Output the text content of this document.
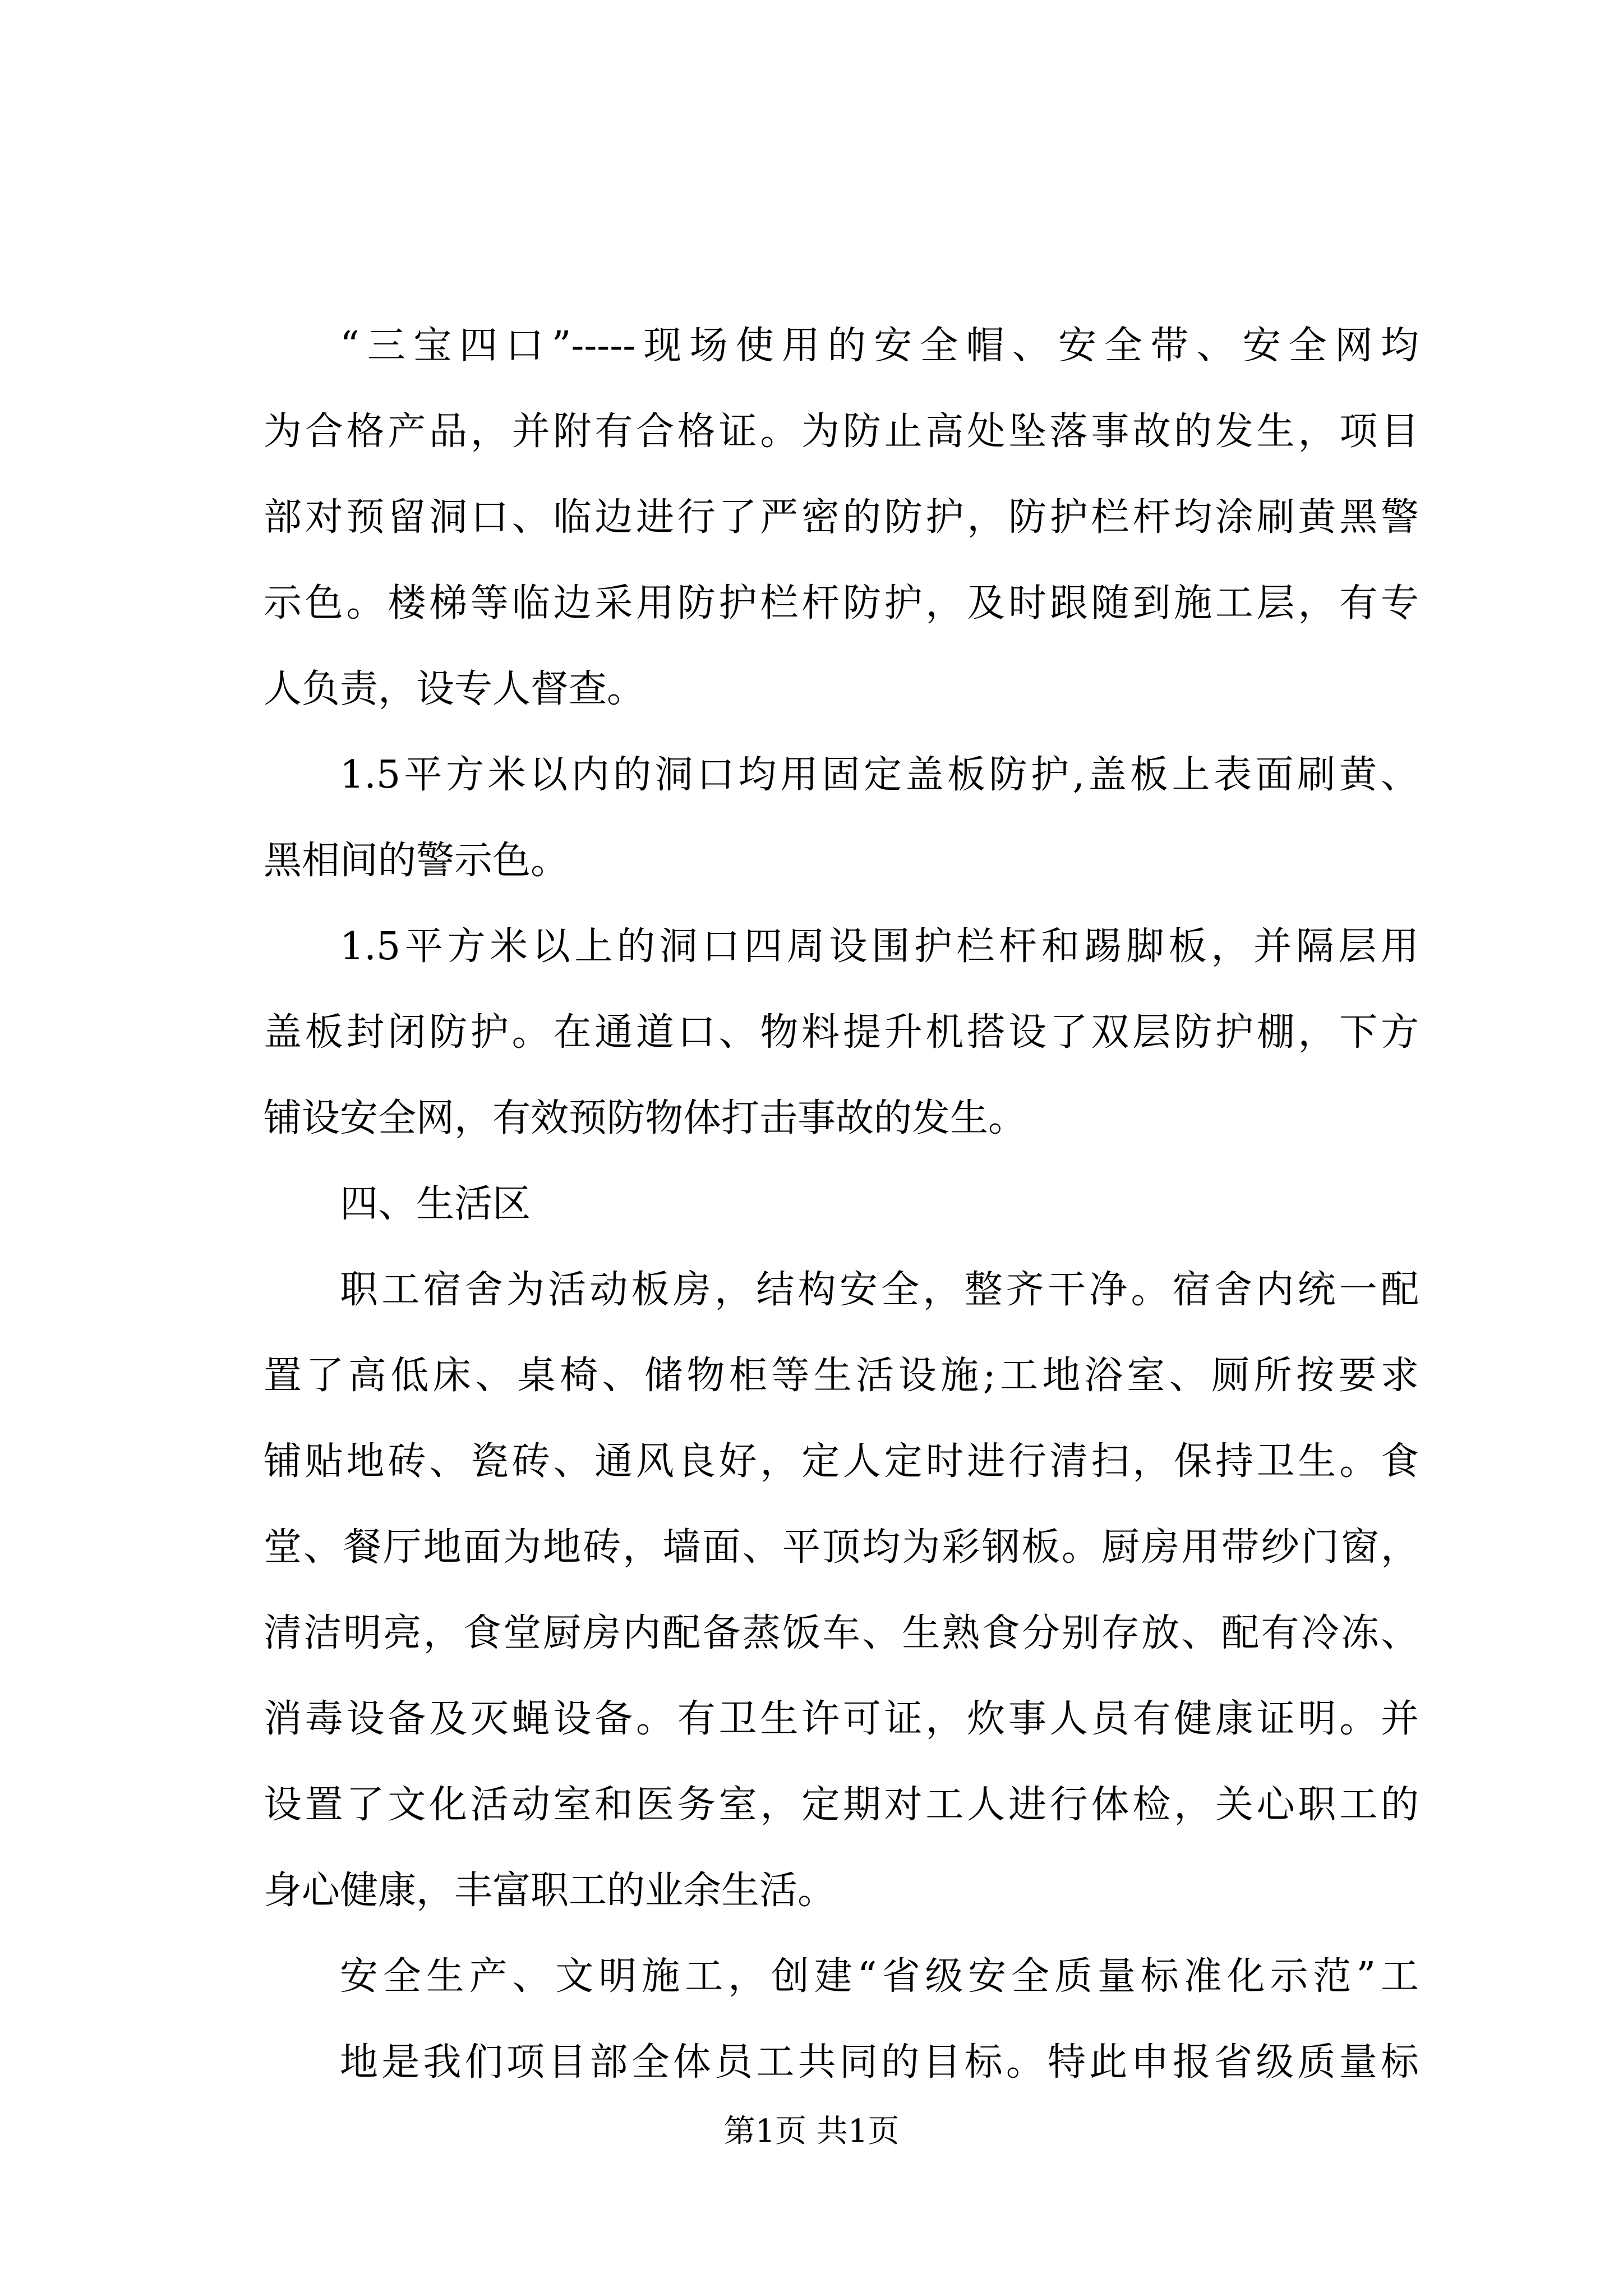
“三宝四口”-----现场使用的安全帽、安全带、安全网均
为合格产品，并附有合格证。为防止高处坠落事故的发生，项目
部对预留洞口、临边进行了严密的防护，防护栏杆均涂刷黄黑警
示色。楼梯等临边采用防护栏杆防护，及时跟随到施工层，有专
人负责，设专人督查。
1.5平方米以内的洞口均用固定盖板防护,盖板上表面刷黄、
黑相间的警示色。
1.5平方米以上的洞口四周设围护栏杆和踢脚板，并隔层用
盖板封闭防护。在通道口、物料提升机搭设了双层防护棚，下方
铺设安全网，有效预防物体打击事故的发生。
四、生活区
职工宿舍为活动板房，结构安全，整齐干净。宿舍内统一配
置了高低床、桌椅、储物柜等生活设施;工地浴室、厕所按要求
铺贴地砖、瓷砖、通风良好，定人定时进行清扫，保持卫生。食
堂、餐厅地面为地砖，墙面、平顶均为彩钢板。厨房用带纱门窗，
清洁明亮，食堂厨房内配备蒸饭车、生熟食分别存放、配有冷冻、
消毒设备及灭蝇设备。有卫生许可证，炊事人员有健康证明。并
设置了文化活动室和医务室，定期对工人进行体检，关心职工的
身心健康，丰富职工的业余生活。
安全生产、文明施工，创建“省级安全质量标准化示范”工
地是我们项目部全体员工共同的目标。特此申报省级质量标
第1页 共1页
